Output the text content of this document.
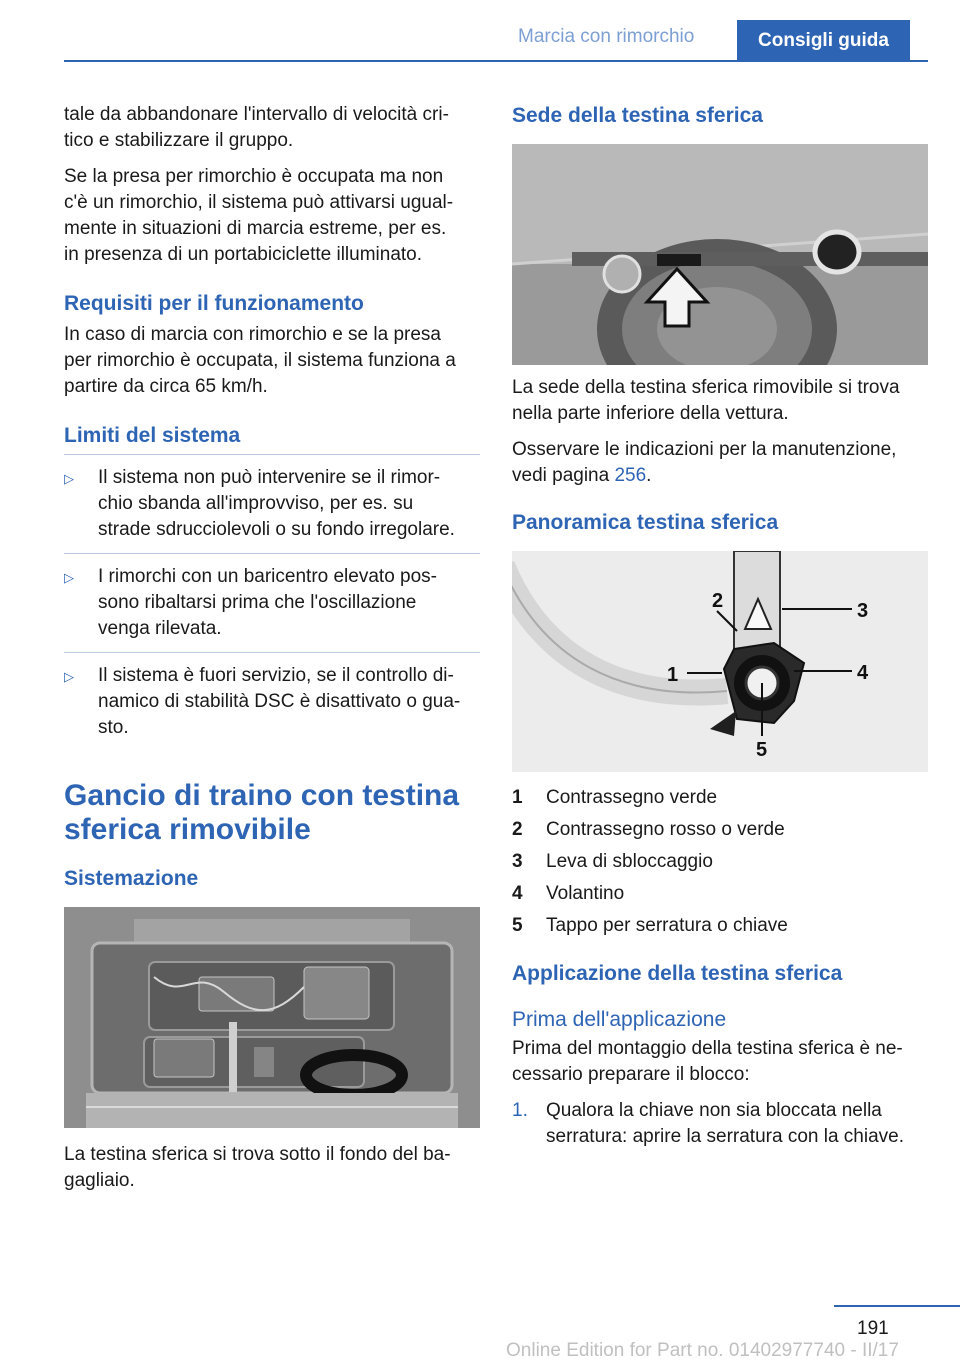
Marcia con rimorchio	Consigli guida

tale da abbandonare l'intervallo di velocità cri-
tico e stabilizzare il gruppo.

Se la presa per rimorchio è occupata ma non
c'è un rimorchio, il sistema può attivarsi ugual-
mente in situazioni di marcia estreme, per es.
in presenza di un portabiciclette illuminato.

Requisiti per il funzionamento

In caso di marcia con rimorchio e se la presa
per rimorchio è occupata, il sistema funziona a
partire da circa 65 km/h.

Limiti del sistema
▷	Il sistema non può intervenire se il rimor-
chio sbanda all'improvviso, per es. su
strade sdrucciolevoli o su fondo irregolare.
▷	I rimorchi con un baricentro elevato pos-
sono ribaltarsi prima che l'oscillazione
venga rilevata.
▷	Il sistema è fuori servizio, se il controllo di-
namico di stabilità DSC è disattivato o gua-
sto.
Gancio di traino con testina
sferica rimovibile
Sistemazione

La testina sferica si trova sotto il fondo del ba-
gagliaio.

Sede della testina sferica

La sede della testina sferica rimovibile si trova
nella parte inferiore della vettura.

Osservare le indicazioni per la manutenzione,
vedi pagina 256.

Panoramica testina sferica
2	3
4
1
5
1	Contrassegno verde
2	Contrassegno rosso o verde
3	Leva di sbloccaggio
4	Volantino
5	Tappo per serratura o chiave
Applicazione della testina sferica
Prima dell'applicazione

Prima del montaggio della testina sferica è ne-
cessario preparare il blocco:

1. Qualora la chiave non sia bloccata nella
serratura: aprire la serratura con la chiave.
191
Online Edition for Part no. 01402977740 - II/17
